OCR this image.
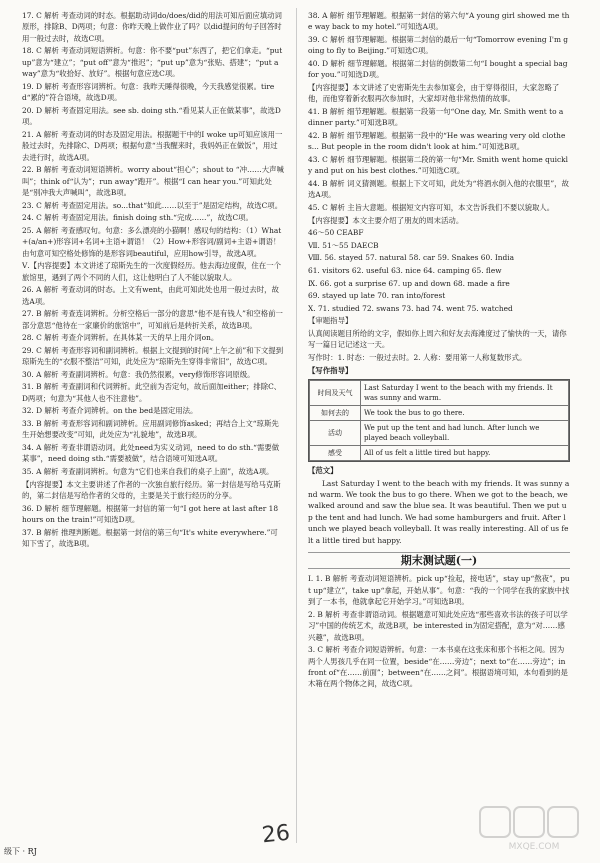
17. C 解析 考查动词的时态。根据助动词do/does/did的用法可知后面应填动词原形，排除B、D两项；句意：你昨天晚上做作业了吗？以did提问的句子回答时用一般过去时，故选C项。
18. C 解析 考查动词短语辨析。句意：你不要“put”东西了，把它们拿走。“put up”意为“建立”；“put off”意为“推迟”；“put up”意为“张贴、搭建”；“put away”意为“收拾好、放好”。根据句意应选C项。
19. D 解析 考查形容词辨析。句意：我昨天睡得很晚，今天我感觉很累。tired“累的”符合语境，故选D项。
20. D 解析 考查固定用法。see sb. doing sth.“看见某人正在做某事”，故选D项。
21. A 解析 考查动词的时态及固定用法。根据题干中的I woke up可知应该用一般过去时，先排除C、D两项；根据句意“当我醒来时，我妈妈正在做饭”，用过去进行时，故选A项。
22. B 解析 考查动词短语辨析。worry about“担心”；shout to “冲……大声喊叫”；think of“认为”；run away“跑开”。根据“I can hear you.”可知此处是“别冲我大声喊叫”，故选B项。
23. C 解析 考查固定用法。so...that“如此……以至于”是固定结构，故选C项。
24. C 解析 考查固定用法。finish doing sth.“完成……”，故选C项。
25. A 解析 考查感叹句。句意：多么漂亮的小猫啊！感叹句的结构：（1）What+(a/an+)形容词+名词+主语+谓语！（2）How+形容词/副词+主语+谓语！由句意可知空格处修饰的是形容词beautiful，应用how引导，故选A项。
Ⅴ.【内容提要】本文讲述了琼斯先生的一次度假经历。他去海边度假，住在一个旅馆里，遇到了两个不同的人们，这让他明白了人不能以貌取人。
26. A 解析 考查动词的时态。上文有went，由此可知此处也用一般过去时，故选A项。
27. B 解析 考查连词辨析。分析空格后一部分的意思“他不是有钱人”和空格前一部分意思“他待在一家廉价的旅馆中”，可知前后是转折关系，故选B项。
28. C 解析 考查介词辨析。在具体某一天的早上用介词on。
29. C 解析 考查形容词和副词辨析。根据上文提到的时间“上午之前”和下文提到琼斯先生的“衣服不整洁”可知，此处应为“琼斯先生穿得非常旧”，故选C项。
30. A 解析 考查副词辨析。句意：我仍然很累，very修饰形容词原级。
31. B 解析 考查副词和代词辨析。此空前为否定句，故后面加either；排除C、D两项；句意为“其他人也不注意他”。
32. D 解析 考查介词辨析。on the bed是固定用法。
33. B 解析 考查形容词和副词辨析。应用副词修饰asked；再结合上文“琼斯先生开始想要改变”可知，此处应为“礼貌地”，故选B项。
34. A 解析 考查非谓语动词。此处need为实义动词，need to do sth.“需要做某事”，need doing sth.“需要被做”，结合语境可知选A项。
35. A 解析 考查副词辨析。句意为“它们也来自我们的桌子上面”，故选A项。
【内容提要】本文主要讲述了作者的一次独自旅行经历。第一封信是写给马克斯的，第二封信是写给作者的父母的，主要是关于旅行经历的分享。
36. D 解析 细节理解题。根据第一封信的第一句“I got here at last after 18 hours on the train!”可知选D项。
37. B 解析 推理判断题。根据第一封信的第三句“It's white everywhere.”可知下雪了，故选B项。
38. A 解析 细节理解题。根据第一封信的第六句“A young girl showed me the way back to my hotel.”可知选A项。
39. C 解析 细节理解题。根据第二封信的最后一句“Tomorrow evening I'm going to fly to Beijing.”可知选C项。
40. D 解析 细节理解题。根据第二封信的倒数第二句“I bought a special bag for you.”可知选D项。
【内容提要】本文讲述了史密斯先生去参加宴会，由于穿得很旧，大家忽略了他，而他穿着新衣服再次参加时，大家却对他非常热情的故事。
41. B 解析 细节理解题。根据第一段第一句“One day, Mr. Smith went to a dinner party.”可知选B项。
42. B 解析 细节理解题。根据第一段中的“He was wearing very old clothes... But people in the room didn't look at him.”可知选B项。
43. C 解析 细节理解题。根据第二段的第一句“Mr. Smith went home quickly and put on his best clothes.”可知选C项。
44. B 解析 词义猜测题。根据上下文可知，此处为“将酒水倒入他的衣服里”，故选A项。
45. C 解析 主旨大意题。根据短文内容可知，本文告诉我们不要以貌取人。
【内容提要】本文主要介绍了朋友的周末活动。
46～50 CEABF
Ⅶ. 51～55 DAECB
Ⅷ. 56. stayed 57. natural 58. car 59. Snakes 60. India
61. visitors 62. useful 63. nice 64. camping 65. flew
Ⅸ. 66. got a surprise 67. up and down 68. made a fire
69. stayed up late 70. ran into/forest
Ⅹ. 71. studied 72. swans 73. had 74. went 75. watched
【审题指导】
认真阅读题目所给的文字，假如你上周六和好友去海滩度过了愉快的一天，请你写一篇日记记述这一天。
写作时：1. 时态：一般过去时。2. 人称：要用第一人称复数形式。
【写作指导】
时间及天气	Last Saturday I went to the beach with my friends. It was sunny and warm.
如何去的	We took the bus to go there.
活动	We put up the tent and had lunch. After lunch we played beach volleyball.
感受	All of us felt a little tired but happy.
【范文】
Last Saturday I went to the beach with my friends. It was sunny and warm. We took the bus to go there. When we got to the beach, we walked around and saw the blue sea. It was beautiful. Then we put up the tent and had lunch. We had some hamburgers and fruit. After lunch we played beach volleyball. It was really interesting. All of us felt a little tired but happy.
期末测试题(一)
Ⅰ. 1. B 解析 考查动词短语辨析。pick up“捡起，接电话”，stay up“熬夜”，put up“建立”，take up“拿起，开始从事”。句意：“我的一个同学在我的家族中找到了一本书，他就拿起它开始学习。”可知选B项。
2. B 解析 考查非谓语动词。根据题意可知此处应选“那些喜欢书法的孩子可以学习”中国的传统艺术，故选B项，be interested in为固定搭配，意为“对……感兴趣”，故选B项。
3. C 解析 考查介词短语辨析。句意：一本书桌在这张床和那个书柜之间。因为两个人男孩几乎在同一位置，beside“在……旁边”；next to“在……旁边”；in front of“在……前面”；between“在……之间”。根据语境可知，本句看到的是木箱在两个物体之间，故选C项。
级下 · RJ
26	MXQE.COM
